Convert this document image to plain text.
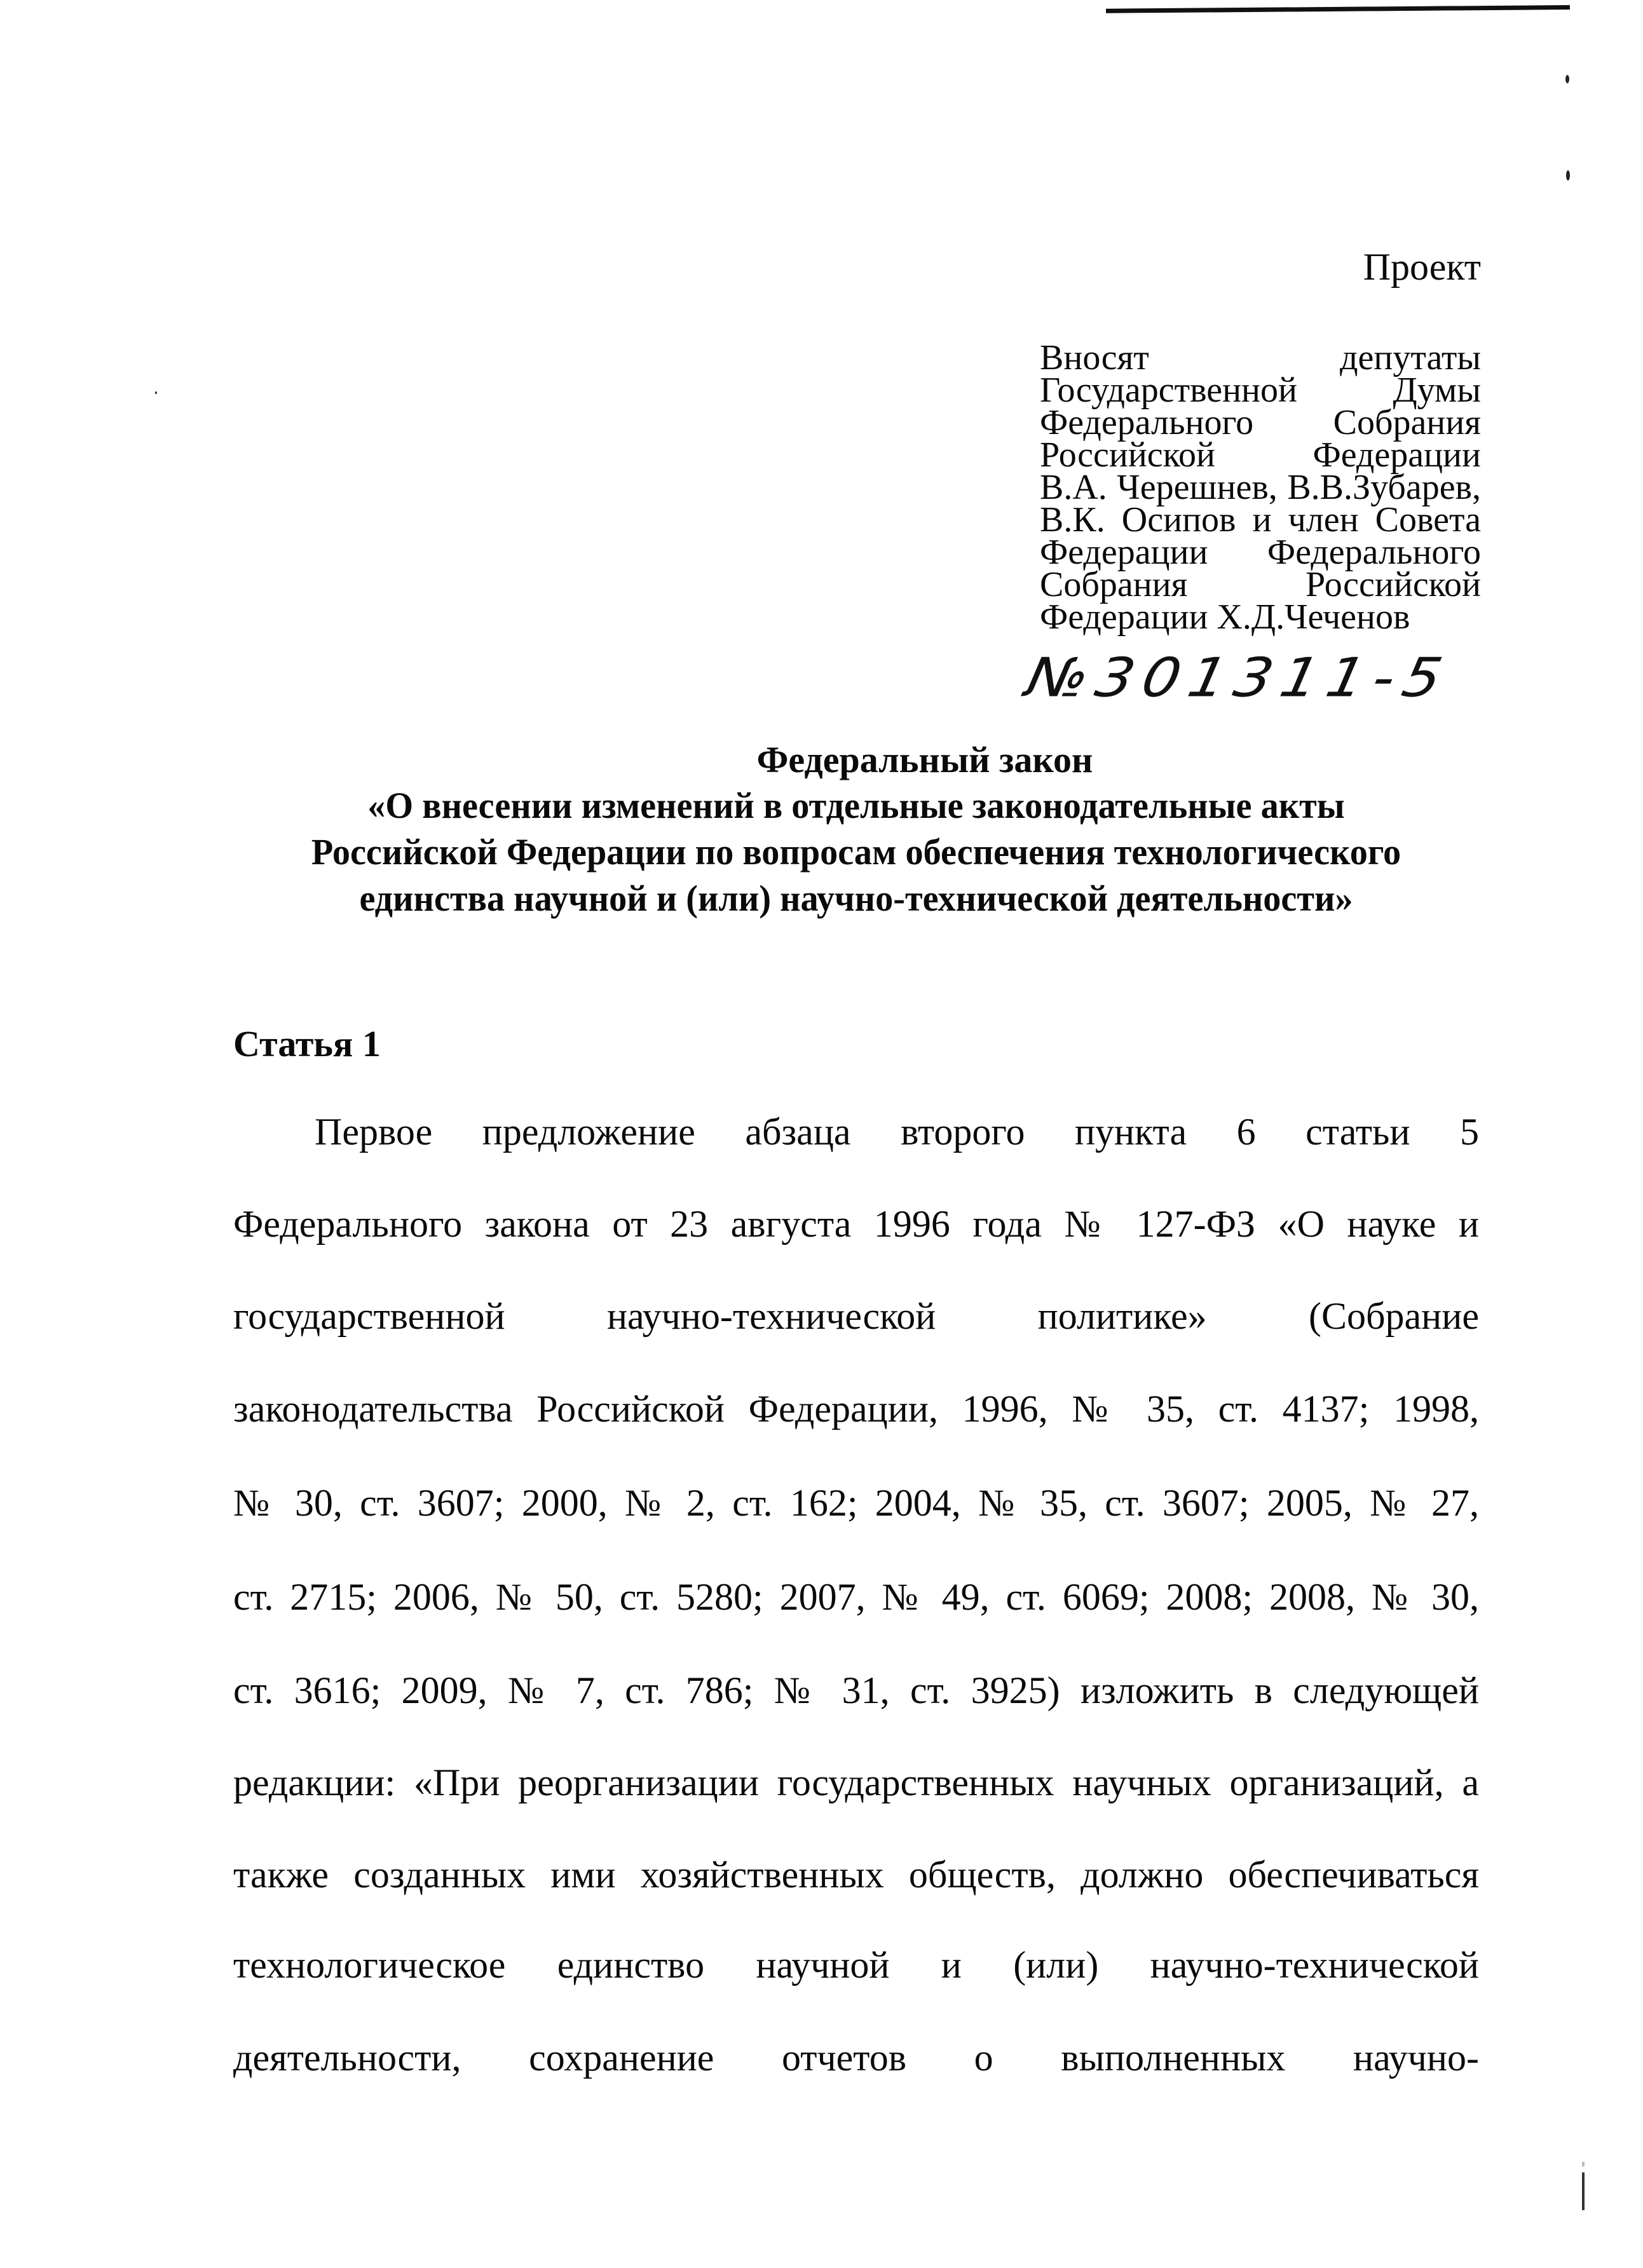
Проект
Вносят депутаты
Государственной Думы
Федерального Собрания
Российской Федерации
В.А. Черешнев, В.В.Зубарев,
В.К. Осипов и член Совета
Федерации Федерального
Собрания Российской
Федерации Х.Д.Чеченов
№301311-5
Федеральный закон
«О внесении изменений в отдельные законодательные акты
Российской Федерации по вопросам обеспечения технологического
единства научной и (или) научно-технической деятельности»
Статья 1
Первое предложение абзаца второго пункта 6 статьи 5
Федерального закона от 23 августа 1996 года № 127-ФЗ «О науке и
государственной научно-технической политике» (Собрание
законодательства Российской Федерации, 1996, № 35, ст. 4137; 1998,
№ 30, ст. 3607; 2000, № 2, ст. 162; 2004, № 35, ст. 3607; 2005, № 27,
ст. 2715; 2006, № 50, ст. 5280; 2007, № 49, ст. 6069; 2008; 2008, № 30,
ст. 3616; 2009, № 7, ст. 786; № 31, ст. 3925) изложить в следующей
редакции: «При реорганизации государственных научных организаций, а
также созданных ими хозяйственных обществ, должно обеспечиваться
технологическое единство научной и (или) научно-технической
деятельности, сохранение отчетов о выполненных научно-
